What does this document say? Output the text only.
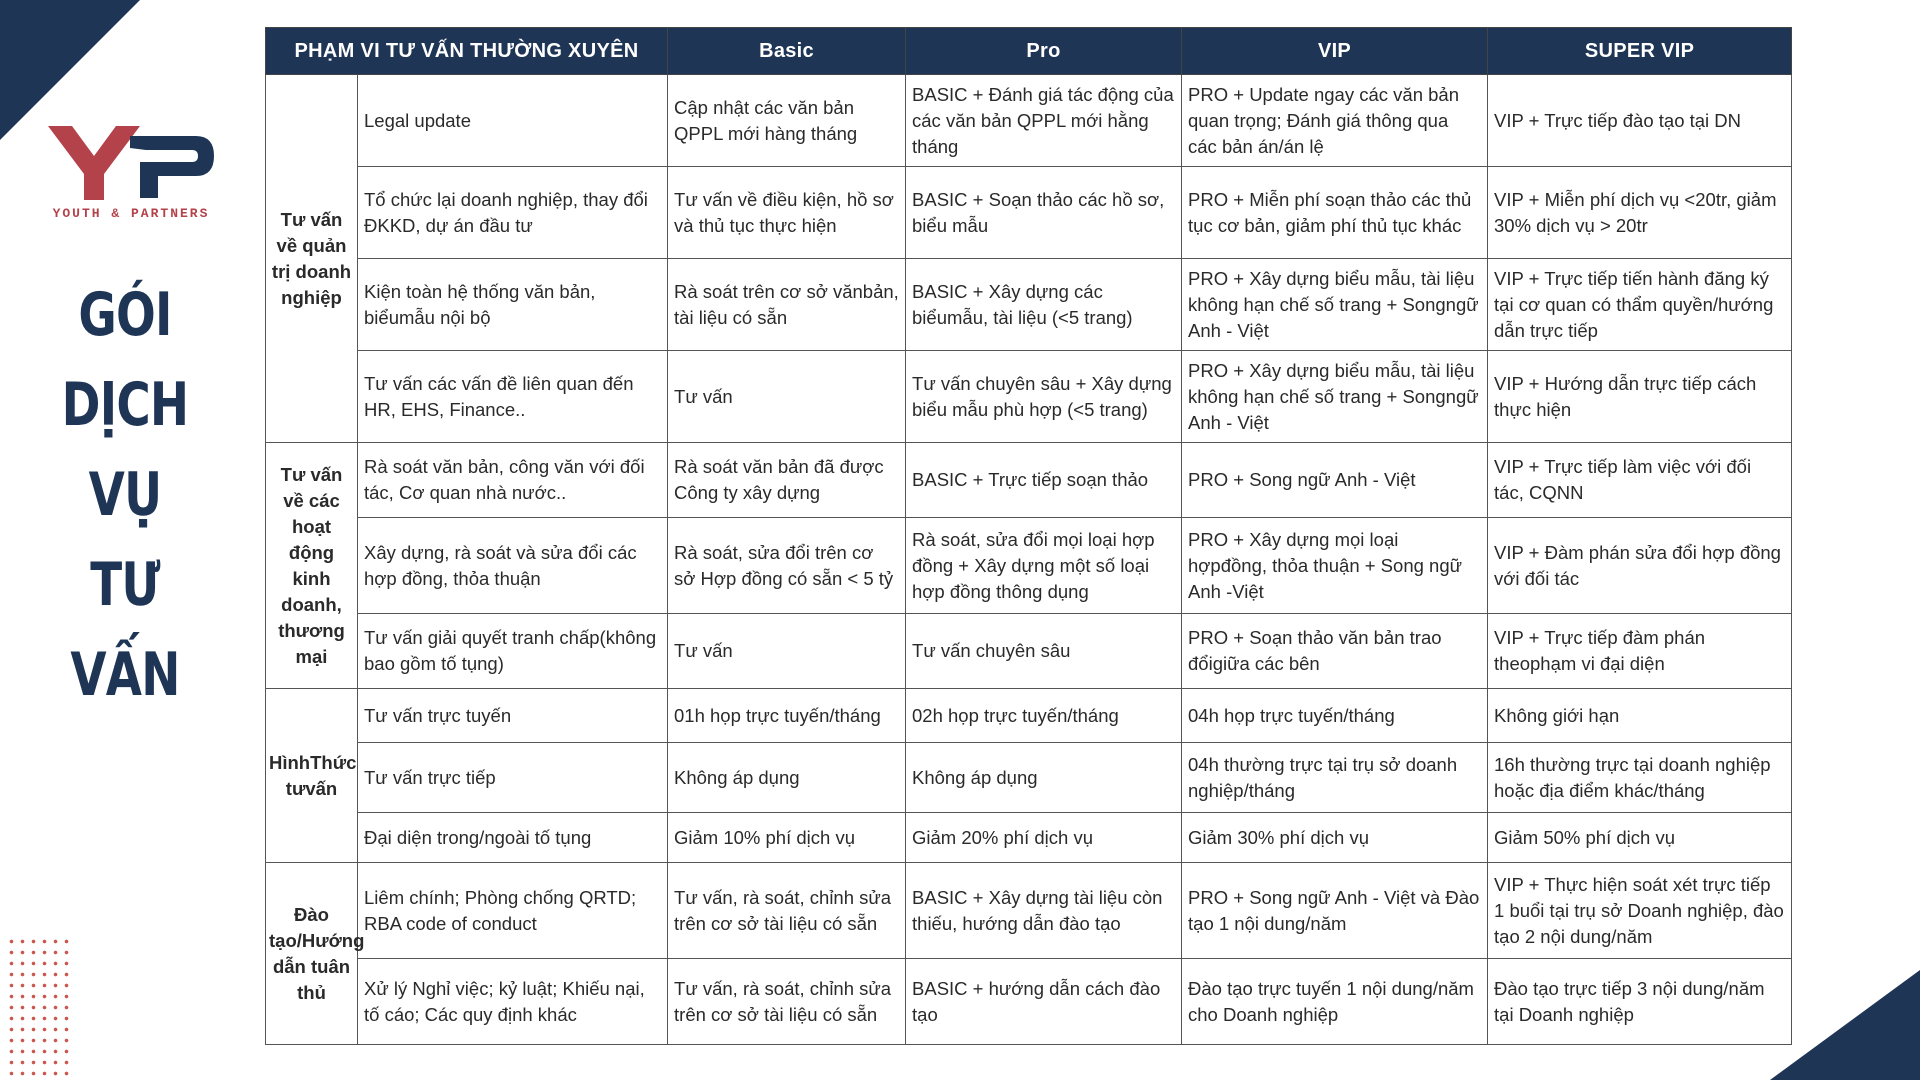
YOUTH & PARTNERS
GÓI
DỊCH
VỤ
TƯ
VẤN
PHẠM VI TƯ VẤN THƯỜNG XUYÊN		Basic	Pro	VIP	SUPER VIP
Tư vấn về quản trị doanh nghiệp	Legal update	Cập nhật các văn bản QPPL mới hàng tháng	BASIC + Đánh giá tác động của các văn bản QPPL mới hằng tháng	PRO + Update ngay các văn bản quan trọng; Đánh giá thông qua các bản án/án lệ	VIP + Trực tiếp đào tạo tại DN
	Tổ chức lại doanh nghiệp, thay đổi ĐKKD, dự án đầu tư	Tư vấn về điều kiện, hồ sơ và thủ tục thực hiện	BASIC + Soạn thảo các hồ sơ, biểu mẫu	PRO + Miễn phí soạn thảo các thủ tục cơ bản, giảm phí thủ tục khác	VIP + Miễn phí dịch vụ <20tr, giảm 30% dịch vụ > 20tr
	Kiện toàn hệ thống văn bản, biểumẫu nội bộ	Rà soát trên cơ sở vănbản, tài liệu có sẵn	BASIC + Xây dựng các biểumẫu, tài liệu (<5 trang)	PRO + Xây dựng biểu mẫu, tài liệu không hạn chế số trang + Songngữ Anh - Việt	VIP + Trực tiếp tiến hành đăng ký tại cơ quan có thẩm quyền/hướng dẫn trực tiếp
	Tư vấn các vấn đề liên quan đến HR, EHS, Finance..	Tư vấn	Tư vấn chuyên sâu + Xây dựng biểu mẫu phù hợp (<5 trang)	PRO + Xây dựng biểu mẫu, tài liệu không hạn chế số trang + Songngữ Anh - Việt	VIP + Hướng dẫn trực tiếp cách thực hiện
Tư vấn về các hoạt động kinh doanh, thương mại	Rà soát văn bản, công văn với đối tác, Cơ quan nhà nước..	Rà soát văn bản đã được Công ty xây dựng	BASIC + Trực tiếp soạn thảo	PRO + Song ngữ Anh - Việt	VIP + Trực tiếp làm việc với đối tác, CQNN
	Xây dựng, rà soát và sửa đổi các hợp đồng, thỏa thuận	Rà soát, sửa đổi trên cơ sở Hợp đồng có sẵn < 5 tỷ	Rà soát, sửa đổi mọi loại hợp đồng + Xây dựng một số loại hợp đồng thông dụng	PRO + Xây dựng mọi loại hợpđồng, thỏa thuận + Song ngữ Anh -Việt	VIP + Đàm phán sửa đổi hợp đồng với đối tác
	Tư vấn giải quyết tranh chấp(không bao gồm tố tụng)	Tư vấn	Tư vấn chuyên sâu	PRO + Soạn thảo văn bản trao đổigiữa các bên	VIP + Trực tiếp đàm phán theophạm vi đại diện
HìnhThức tưvấn	Tư vấn trực tuyến	01h họp trực tuyến/tháng	02h họp trực tuyến/tháng	04h họp trực tuyến/tháng	Không giới hạn
	Tư vấn trực tiếp	Không áp dụng	Không áp dụng	04h thường trực tại trụ sở doanh nghiệp/tháng	16h thường trực tại doanh nghiệp hoặc địa điểm khác/tháng
	Đại diện trong/ngoài tố tụng	Giảm 10% phí dịch vụ	Giảm 20% phí dịch vụ	Giảm 30% phí dịch vụ	Giảm 50% phí dịch vụ
Đào tạo/Hướng dẫn tuân thủ	Liêm chính; Phòng chống QRTD; RBA code of conduct	Tư vấn, rà soát, chỉnh sửa trên cơ sở tài liệu có sẵn	BASIC + Xây dựng tài liệu còn thiếu, hướng dẫn đào tạo	PRO + Song ngữ Anh - Việt và Đào tạo 1 nội dung/năm	VIP + Thực hiện soát xét trực tiếp 1 buổi tại trụ sở Doanh nghiệp, đào tạo 2 nội dung/năm
	Xử lý Nghỉ việc; kỷ luật; Khiếu nại, tố cáo; Các quy định khác	Tư vấn, rà soát, chỉnh sửa trên cơ sở tài liệu có sẵn	BASIC + hướng dẫn cách đào tạo	Đào tạo trực tuyến 1 nội dung/năm cho Doanh nghiệp	Đào tạo trực tiếp 3 nội dung/năm tại Doanh nghiệp
